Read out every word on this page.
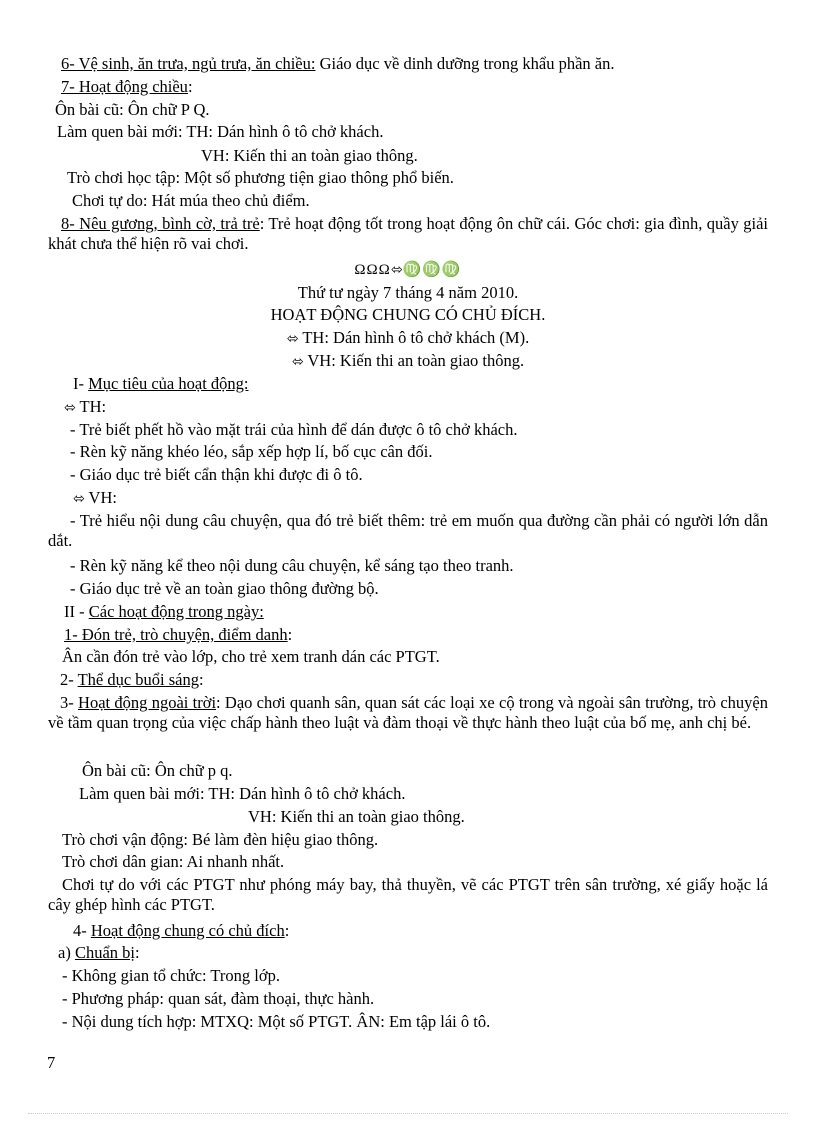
6- Vệ sinh, ăn trưa, ngủ trưa, ăn chiều: Giáo dục về dinh dưỡng trong khẩu phần ăn.
7- Hoạt động chiều:
Ôn bài cũ: Ôn chữ P Q.
Làm quen bài mới: TH: Dán hình ô tô chở khách.
VH: Kiến thi an toàn giao thông.
Trò chơi học tập: Một số phương tiện giao thông phổ biến.
Chơi tự do: Hát múa theo chủ điểm.
8- Nêu gương, bình cờ, trả trẻ: Trẻ hoạt động tốt trong hoạt động ôn chữ cái. Góc chơi: gia đình, quầy giải khát chưa thể hiện rõ vai chơi.
ΩΩΩ⬄♍♍♍
Thứ tư ngày 7 tháng 4 năm 2010.
HOẠT ĐỘNG CHUNG CÓ CHỦ ĐÍCH.
⬄ TH: Dán hình ô tô chở khách (M).
⬄ VH: Kiến thi an toàn giao thông.
I- Mục tiêu của hoạt động:
⬄ TH:
- Trẻ biết phết hồ vào mặt trái của hình để dán được ô tô chở khách.
- Rèn kỹ năng khéo léo, sắp xếp hợp lí, bố cục cân đối.
- Giáo dục trẻ biết cẩn thận khi được đi ô tô.
⬄ VH:
- Trẻ hiểu nội dung câu chuyện, qua đó trẻ biết thêm: trẻ em muốn qua đường cần phải có người lớn dẫn dắt.
- Rèn kỹ năng kể theo nội dung câu chuyện, kể sáng tạo theo tranh.
- Giáo dục trẻ về an toàn giao thông đường bộ.
II - Các hoạt động trong ngày:
1- Đón trẻ, trò chuyện, điểm danh:
Ân cần đón trẻ vào lớp, cho trẻ xem tranh dán các PTGT.
2- Thể dục buổi sáng:
3- Hoạt động ngoài trời: Dạo chơi quanh sân, quan sát các loại xe cộ trong và ngoài sân trường, trò chuyện về tầm quan trọng của việc chấp hành theo luật và đàm thoại về thực hành theo luật của bố mẹ, anh chị bé.
Ôn bài cũ: Ôn chữ p q.
Làm quen bài mới: TH: Dán hình ô tô chở khách.
VH: Kiến thi an toàn giao thông.
Trò chơi vận động: Bé làm đèn hiệu giao thông.
Trò chơi dân gian: Ai nhanh nhất.
Chơi tự do với các PTGT như phóng máy bay, thả thuyền, vẽ các PTGT trên sân trường, xé giấy hoặc lá cây ghép hình các PTGT.
4- Hoạt động chung có chủ đích:
a) Chuẩn bị:
- Không gian tổ chức: Trong lớp.
- Phương pháp: quan sát, đàm thoại, thực hành.
- Nội dung tích hợp: MTXQ: Một số PTGT. ÂN: Em tập lái ô tô.
7
